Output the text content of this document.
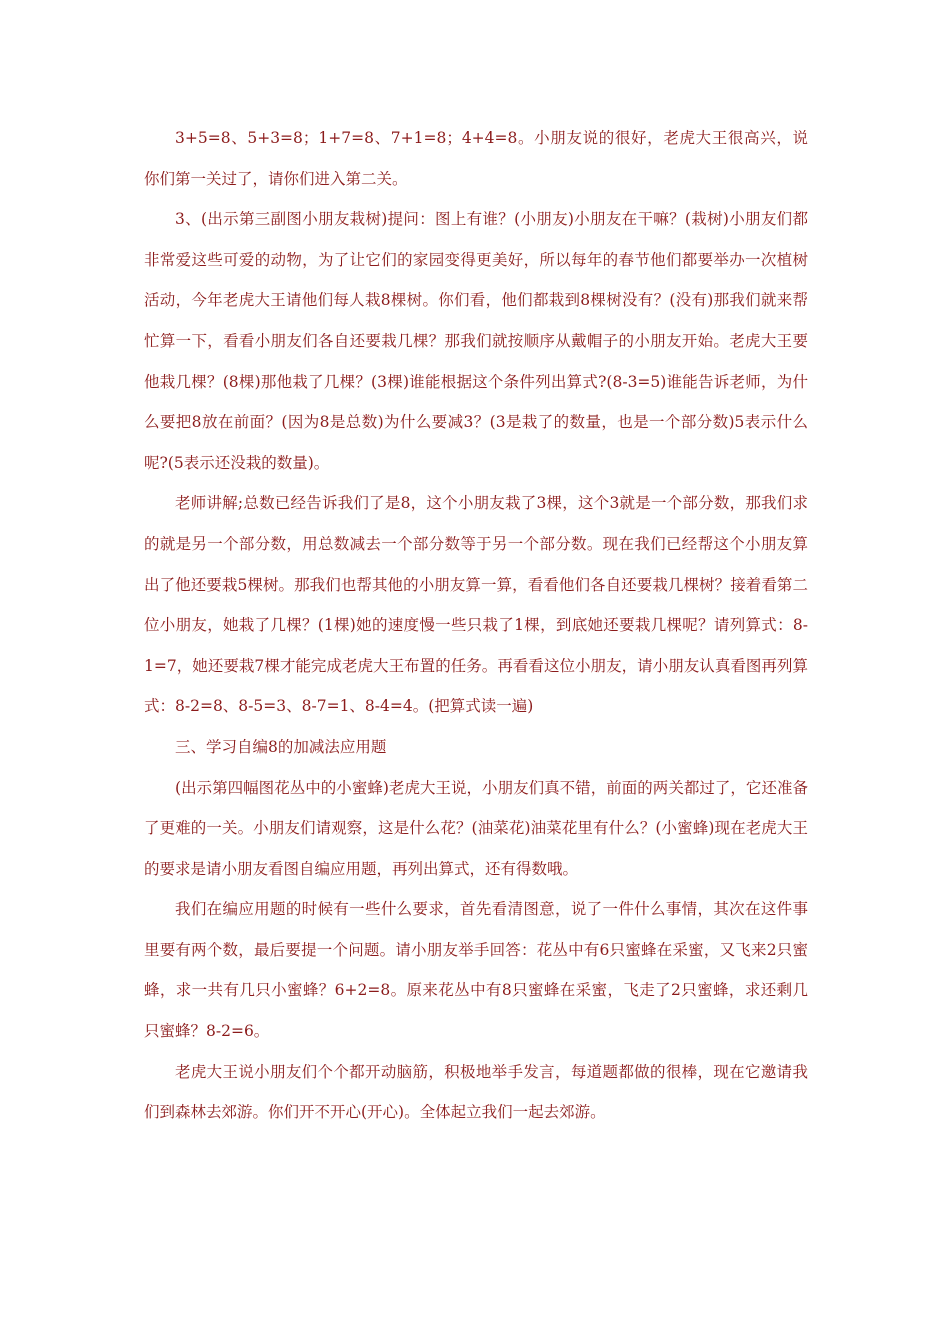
3+5=8、5+3=8；1+7=8、7+1=8；4+4=8。小朋友说的很好，老虎大王很高兴，说你们第一关过了，请你们进入第二关。

3、(出示第三副图小朋友栽树)提问：图上有谁？(小朋友)小朋友在干嘛？(栽树)小朋友们都非常爱这些可爱的动物，为了让它们的家园变得更美好，所以每年的春节他们都要举办一次植树活动，今年老虎大王请他们每人栽8棵树。你们看，他们都栽到8棵树没有？(没有)那我们就来帮忙算一下，看看小朋友们各自还要栽几棵？那我们就按顺序从戴帽子的小朋友开始。老虎大王要他栽几棵？(8棵)那他栽了几棵？(3棵)谁能根据这个条件列出算式?(8-3=5)谁能告诉老师，为什么要把8放在前面？(因为8是总数)为什么要减3？(3是栽了的数量，也是一个部分数)5表示什么呢?(5表示还没栽的数量)。

老师讲解;总数已经告诉我们了是8，这个小朋友栽了3棵，这个3就是一个部分数，那我们求的就是另一个部分数，用总数减去一个部分数等于另一个部分数。现在我们已经帮这个小朋友算出了他还要栽5棵树。那我们也帮其他的小朋友算一算，看看他们各自还要栽几棵树？接着看第二位小朋友，她栽了几棵？(1棵)她的速度慢一些只栽了1棵，到底她还要栽几棵呢？请列算式：8-1=7，她还要栽7棵才能完成老虎大王布置的任务。再看看这位小朋友，请小朋友认真看图再列算式：8-2=8、8-5=3、8-7=1、8-4=4。(把算式读一遍)

三、学习自编8的加减法应用题

(出示第四幅图花丛中的小蜜蜂)老虎大王说，小朋友们真不错，前面的两关都过了，它还准备了更难的一关。小朋友们请观察，这是什么花？(油菜花)油菜花里有什么？(小蜜蜂)现在老虎大王的要求是请小朋友看图自编应用题，再列出算式，还有得数哦。

我们在编应用题的时候有一些什么要求，首先看清图意，说了一件什么事情，其次在这件事里要有两个数，最后要提一个问题。请小朋友举手回答：花丛中有6只蜜蜂在采蜜，又飞来2只蜜蜂，求一共有几只小蜜蜂？6+2=8。原来花丛中有8只蜜蜂在采蜜，飞走了2只蜜蜂，求还剩几只蜜蜂？8-2=6。

老虎大王说小朋友们个个都开动脑筋，积极地举手发言，每道题都做的很棒，现在它邀请我们到森林去郊游。你们开不开心(开心)。全体起立我们一起去郊游。
